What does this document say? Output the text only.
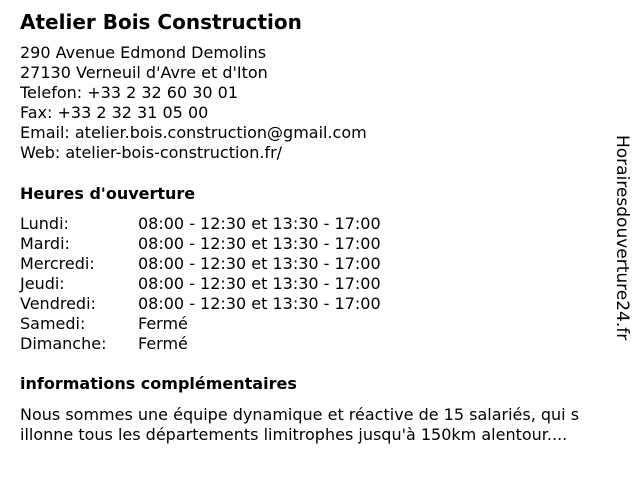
Atelier Bois Construction
290 Avenue Edmond Demolins
27130 Verneuil d'Avre et d'Iton
Telefon: +33 2 32 60 30 01
Fax: +33 2 32 31 05 00
Email: atelier.bois.construction@gmail.com
Web: atelier-bois-construction.fr/
Heures d'ouverture
Lundi:	08:00 - 12:30 et 13:30 - 17:00
Mardi:	08:00 - 12:30 et 13:30 - 17:00
Mercredi:	08:00 - 12:30 et 13:30 - 17:00
Jeudi:	08:00 - 12:30 et 13:30 - 17:00
Vendredi:	08:00 - 12:30 et 13:30 - 17:00
Samedi:	Fermé
Dimanche: Fermé
informations complémentaires
Nous sommes une équipe dynamique et réactive de 15 salariés, qui s
illonne tous les départements limitrophes jusqu'à 150km alentour....
Horairesdouverture24.fr
